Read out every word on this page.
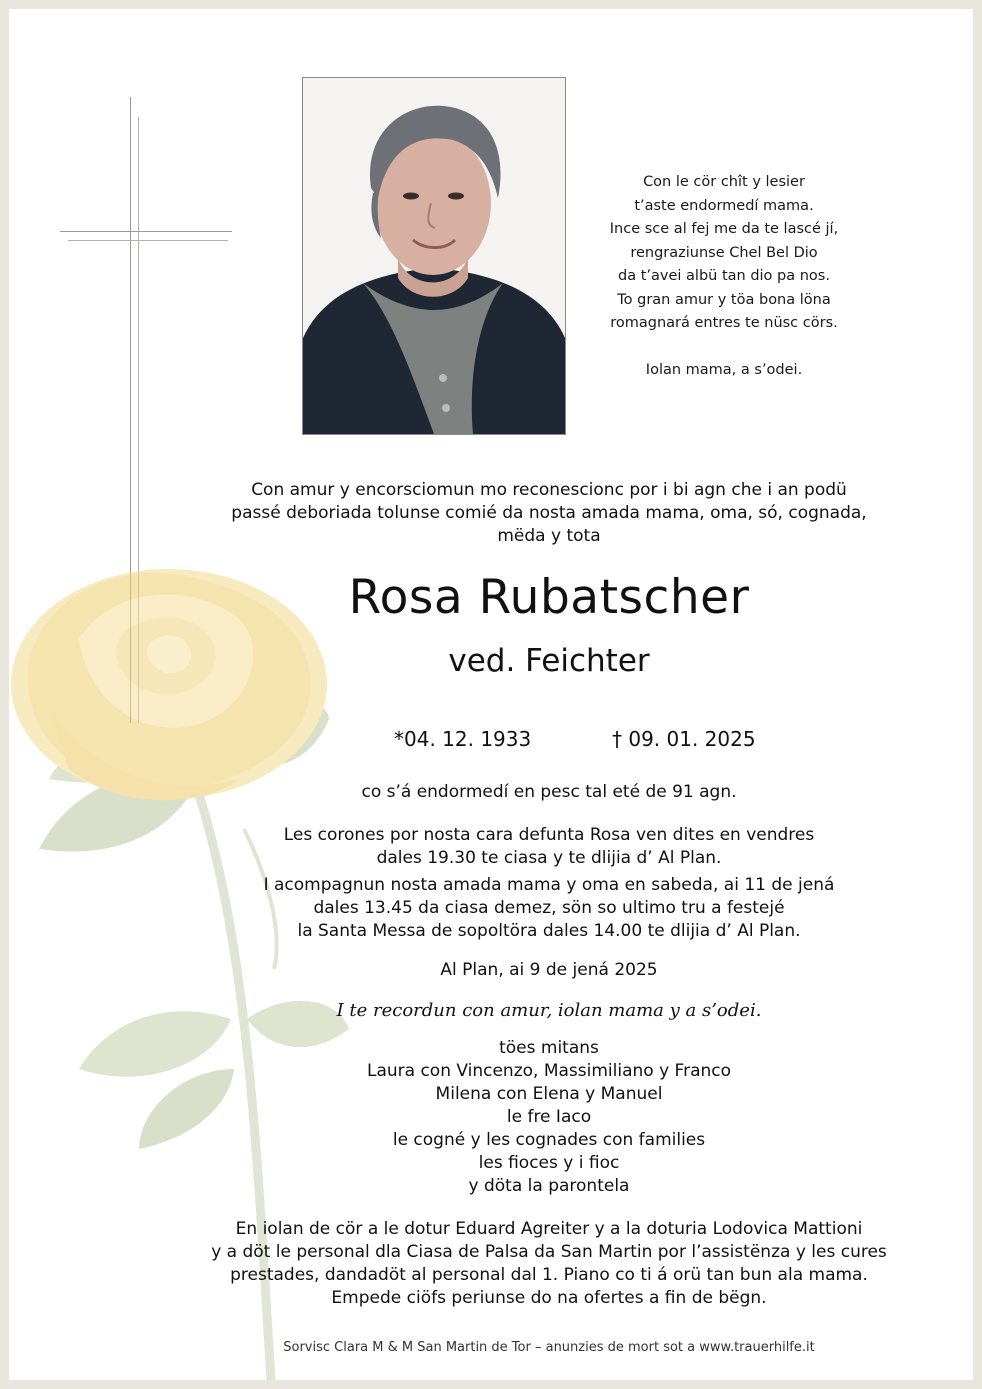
Con le cör chît y lesier
t’aste endormedí mama.
Ince sce al fej me da te lascé jí,
rengraziunse Chel Bel Dio
da t’avei albü tan dio pa nos.
To gran amur y töa bona löna
romagnará entres te nüsc cörs.
Iolan mama, a s’odei.
Con amur y encorsciomun mo reconescionc por i bi agn che i an podü
passé deboriada tolunse comié da nosta amada mama, oma, só, cognada,
mëda y tota
Rosa Rubatscher
ved. Feichter
*04. 12. 1933	† 09. 01. 2025
co s’á endormedí en pesc tal eté de 91 agn.
Les corones por nosta cara defunta Rosa ven dites en vendres
dales 19.30 te ciasa y te dlijia d’ Al Plan.
I acompagnun nosta amada mama y oma en sabeda, ai 11 de jená
dales 13.45 da ciasa demez, sön so ultimo tru a festejé
la Santa Messa de sopoltöra dales 14.00 te dlijia d’ Al Plan.
Al Plan, ai 9 de jená 2025
I te recordun con amur, iolan mama y a s’odei.
töes mitans
Laura con Vincenzo, Massimiliano y Franco
Milena con Elena y Manuel
le fre Iaco
le cogné y les cognades con families
les fioces y i fioc
y döta la parontela
En iolan de cör a le dotur Eduard Agreiter y a la doturia Lodovica Mattioni
y a döt le personal dla Ciasa de Palsa da San Martin por l’assistënza y les cures
prestades, dandadöt al personal dal 1. Piano co ti á orü tan bun ala mama.
Empede ciöfs periunse do na ofertes a fin de bëgn.
Sorvisc Clara M & M San Martin de Tor – anunzies de mort sot a www.trauerhilfe.it
